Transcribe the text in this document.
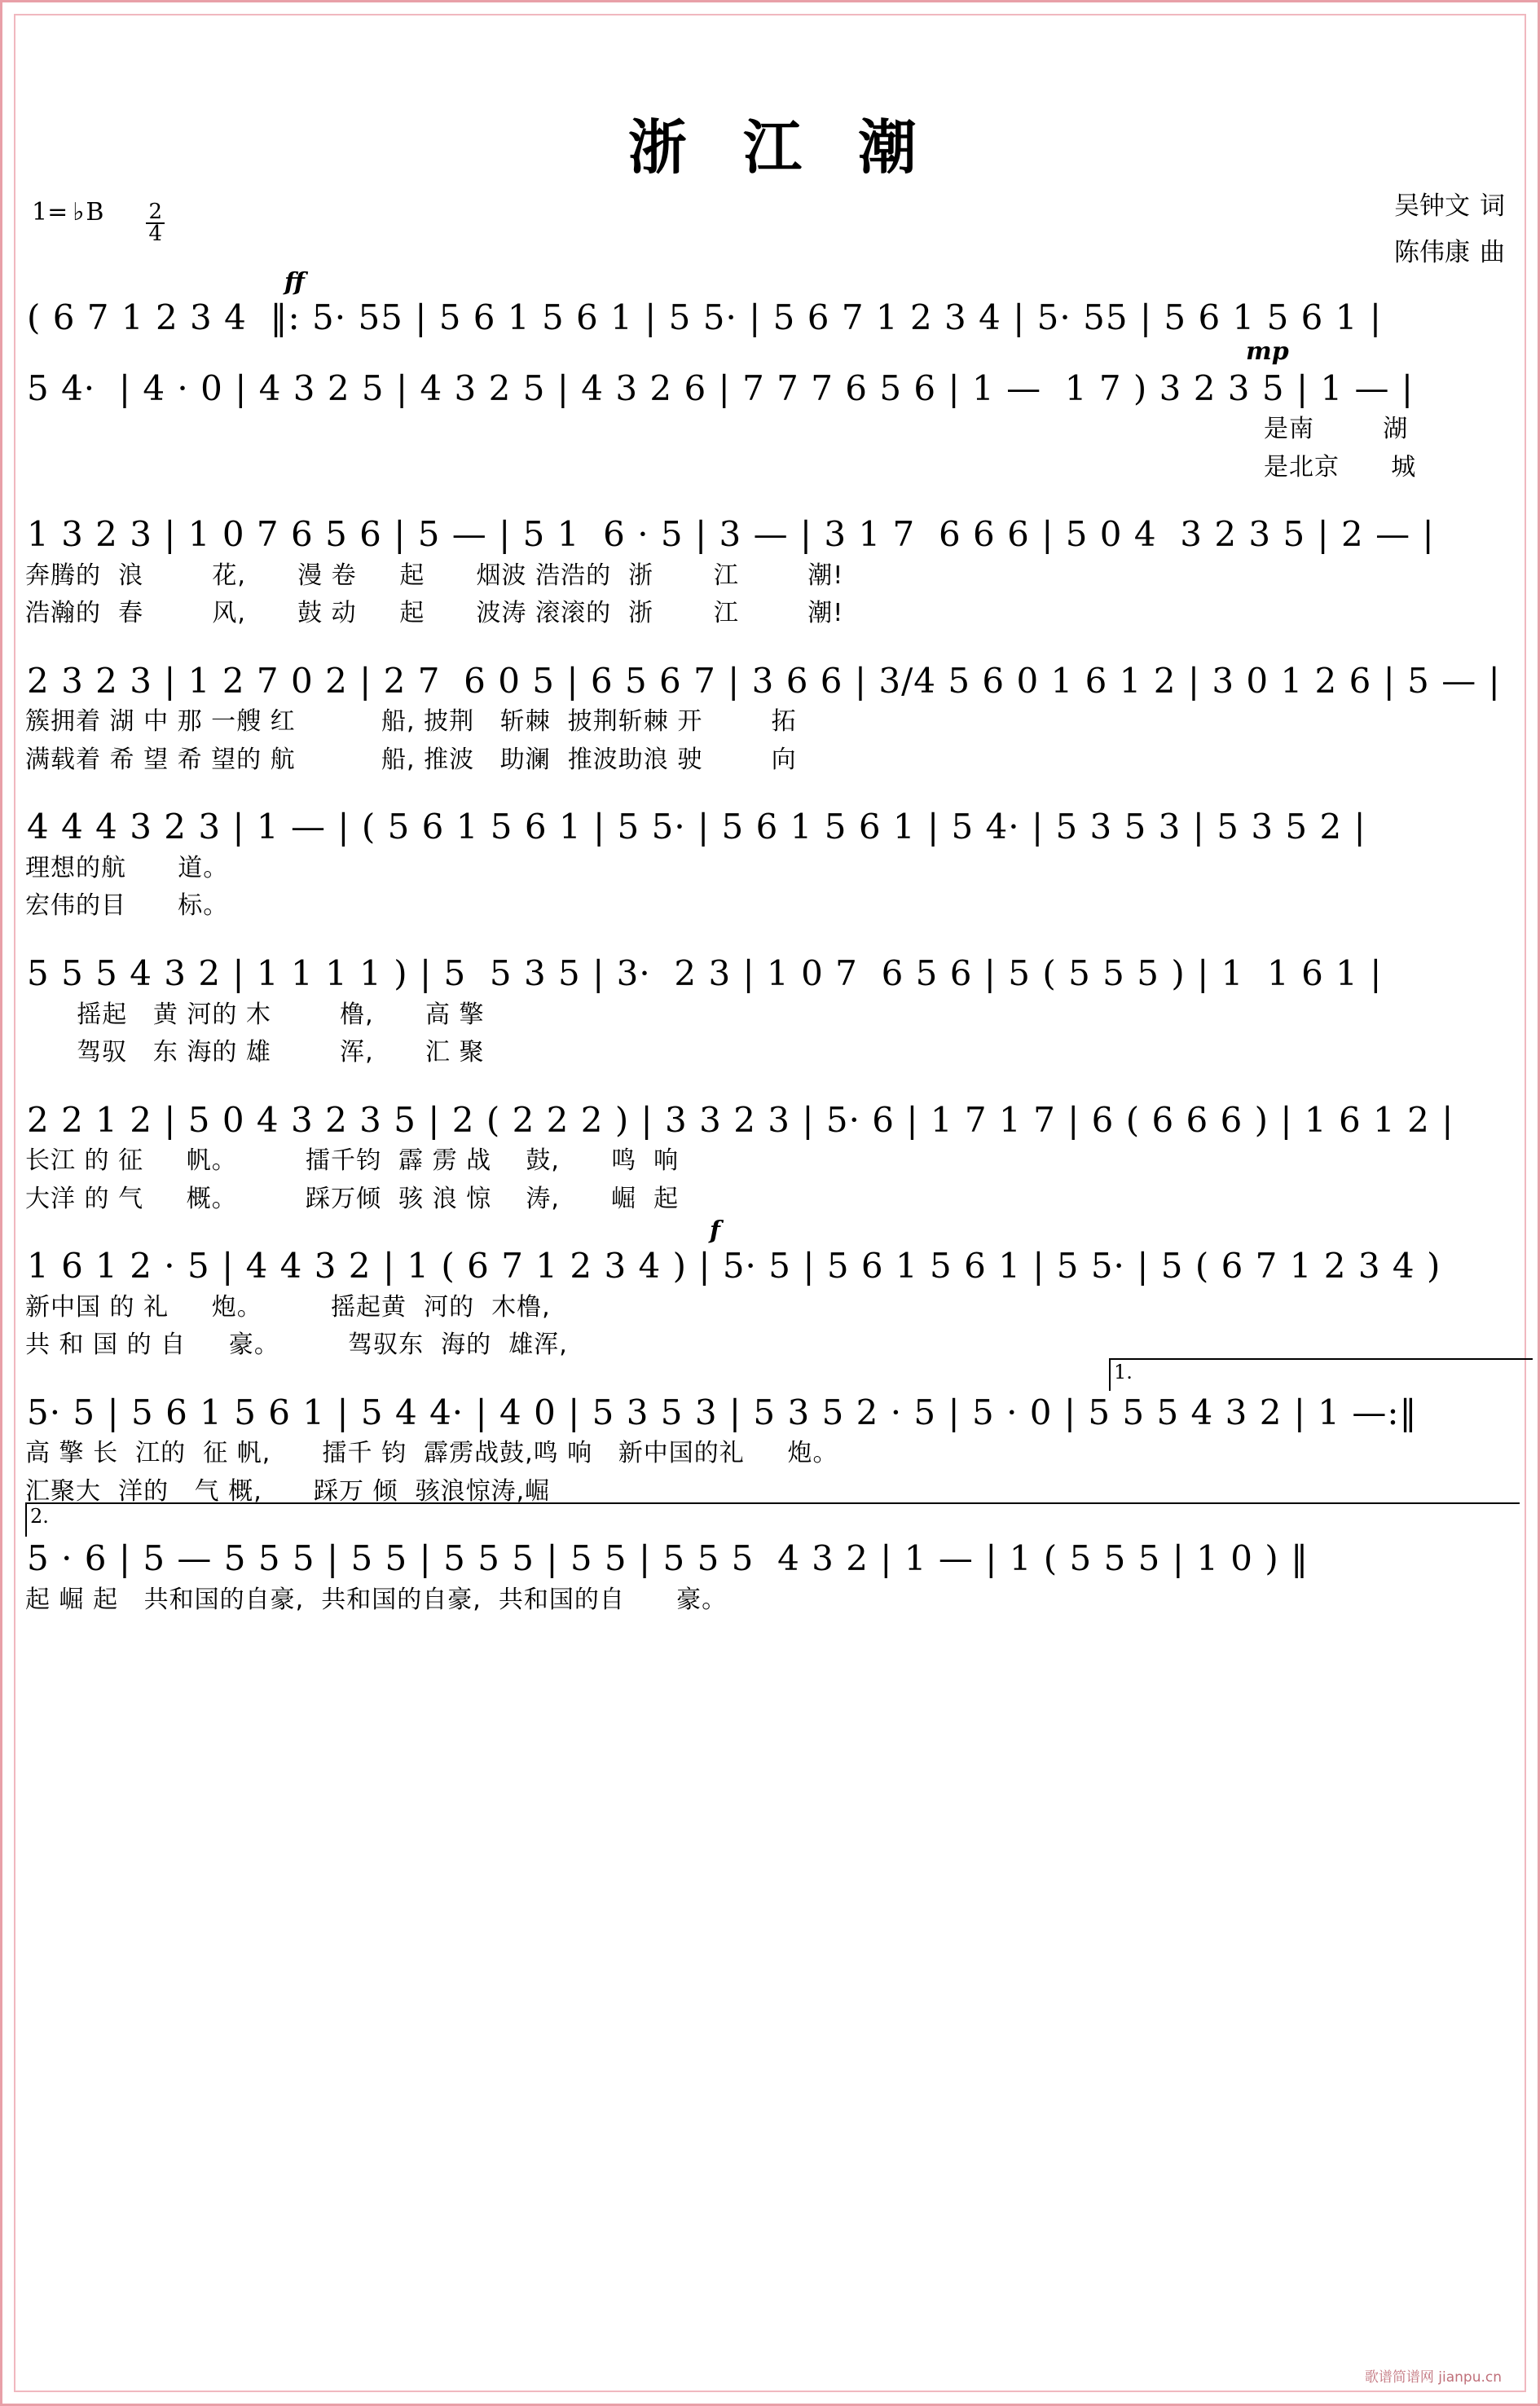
浙 江 潮
1= ♭ B $\frac{2}{4}$	吴钟文 词
陈伟康 曲
ff
( 6 7 1 2 3 4  ‖: 5· 55 | 5 6 1 5 6 1 | 5 5· | 5 6 7 1 2 3 4 | 5· 55 | 5 6 1 5 6 1 |
mp
5 4·  | 4 · 0 | 4 3 2 5 | 4 3 2 5 | 4 3 2 6 | 7 7 7 6 5 6 | 1 —  1 7 ) 3 2 3 5 | 1 — |
是南        湖
是北京      城
1 3 2 3 | 1 0 7 6 5 6 | 5 — | 5 1  6 · 5 | 3 — | 3 1 7  6 6 6 | 5 0 4  3 2 3 5 | 2 — |
奔腾的  浪        花,      漫 卷     起      烟波 浩浩的  浙       江        潮!
浩瀚的  春        风,      鼓 动     起      波涛 滚滚的  浙       江        潮!
2 3 2 3 | 1 2 7 0 2 | 2 7  6 0 5 | 6 5 6 7 | 3 6 6 | 3/4 5 6 0 1 6 1 2 | 3 0 1 2 6 | 5 — |
簇拥着 湖 中 那 一艘 红          船, 披荆   斩棘  披荆斩棘 开        拓
满载着 希 望 希 望的 航          船, 推波   助澜  推波助浪 驶        向
4 4 4 3 2 3 | 1 — | ( 5 6 1 5 6 1 | 5 5· | 5 6 1 5 6 1 | 5 4· | 5 3 5 3 | 5 3 5 2 |
理想的航      道。
宏伟的目      标。
5 5 5 4 3 2 | 1 1 1 1 ) | 5  5 3 5 | 3·  2 3 | 1 0 7  6 5 6 | 5 ( 5 5 5 ) | 1  1 6 1 |
摇起   黄 河的 木        橹,      高 擎
驾驭   东 海的 雄        浑,      汇 聚
2 2 1 2 | 5 0 4 3 2 3 5 | 2 ( 2 2 2 ) | 3 3 2 3 | 5· 6 | 1 7 1 7 | 6 ( 6 6 6 ) | 1 6 1 2 |
长江 的 征     帆。        擂千钧  霹 雳 战    鼓,      鸣  响
大洋 的 气     概。        踩万倾  骇 浪 惊    涛,      崛  起
f
1 6 1 2 · 5 | 4 4 3 2 | 1 ( 6 7 1 2 3 4 ) | 5· 5 | 5 6 1 5 6 1 | 5 5· | 5 ( 6 7 1 2 3 4 )
新中国 的 礼     炮。        摇起黄  河的  木橹,
共 和 国 的 自     豪。        驾驭东  海的  雄浑,
1.
5· 5 | 5 6 1 5 6 1 | 5 4 4· | 4 0 | 5 3 5 3 | 5 3 5 2 · 5 | 5 · 0 | 5 5 5 4 3 2 | 1 —:‖
高 擎 长  江的  征 帆,      擂千 钧  霹雳战鼓,鸣 响   新中国的礼     炮。
汇聚大  洋的   气 概,      踩万 倾  骇浪惊涛,崛
2.
5 · 6 | 5 — 5 5 5 | 5 5 | 5 5 5 | 5 5 | 5 5 5  4 3 2 | 1 — | 1 ( 5 5 5 | 1 0 ) ‖
起 崛 起   共和国的自豪,  共和国的自豪,  共和国的自      豪。
歌谱简谱网 jianpu.cn
